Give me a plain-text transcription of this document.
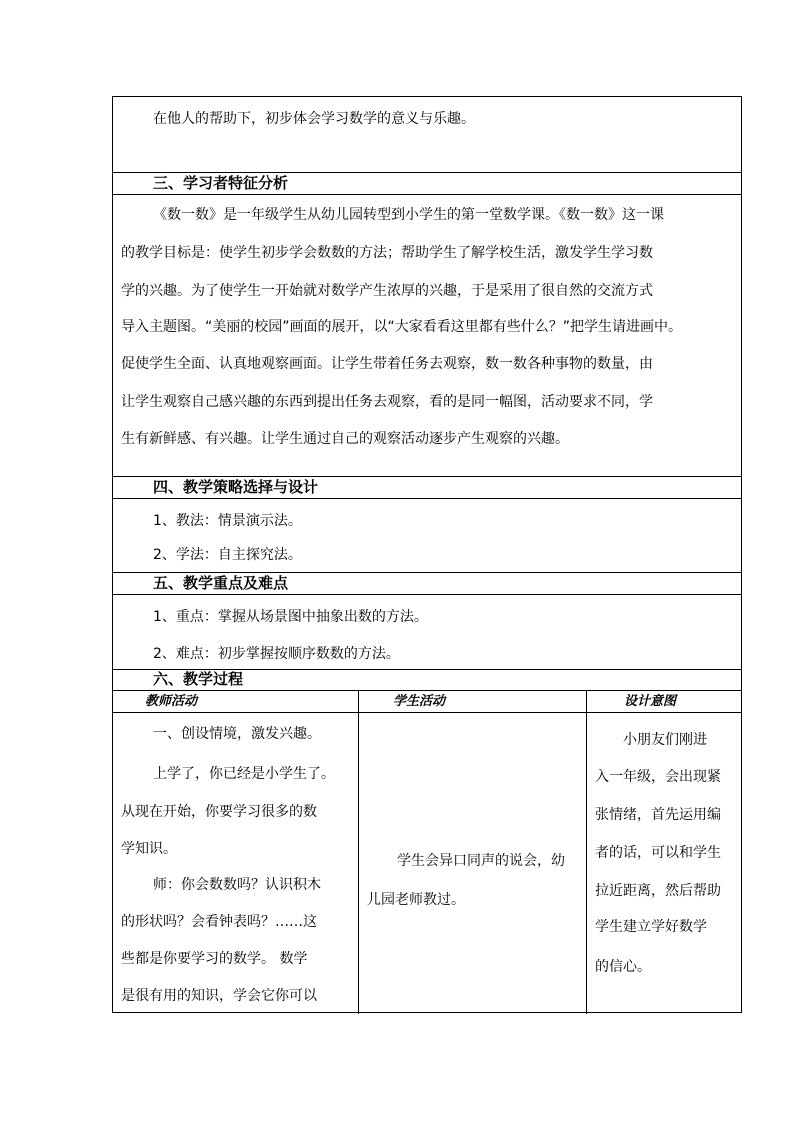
在他人的帮助下，初步体会学习数学的意义与乐趣。
三、学习者特征分析
《数一数》是一年级学生从幼儿园转型到小学生的第一堂数学课。《数一数》这一课
的教学目标是：使学生初步学会数数的方法；帮助学生了解学校生活，激发学生学习数
学的兴趣。为了使学生一开始就对数学产生浓厚的兴趣，于是采用了很自然的交流方式
导入主题图。“美丽的校园”画面的展开，以“大家看看这里都有些什么？”把学生请进画中。
促使学生全面、认真地观察画面。让学生带着任务去观察，数一数各种事物的数量，由
让学生观察自己感兴趣的东西到提出任务去观察，看的是同一幅图，活动要求不同，学
生有新鲜感、有兴趣。让学生通过自己的观察活动逐步产生观察的兴趣。
四、教学策略选择与设计
1、教法：情景演示法。
2、学法：自主探究法。
五、教学重点及难点
1、重点：掌握从场景图中抽象出数的方法。
2、难点：初步掌握按顺序数数的方法。
六、教学过程
教师活动	学生活动	设计意图
一、创设情境，激发兴趣。
上学了，你已经是小学生了。
从现在开始，你要学习很多的数
学知识。
师：你会数数吗？认识积木
的形状吗？会看钟表吗？……这
些都是你要学习的数学。 数学
是很有用的知识，学会它你可以
学生会异口同声的说会，幼
儿园老师教过。
小朋友们刚进
入一年级，会出现紧
张情绪，首先运用编
者的话，可以和学生
拉近距离，然后帮助
学生建立学好数学
的信心。
